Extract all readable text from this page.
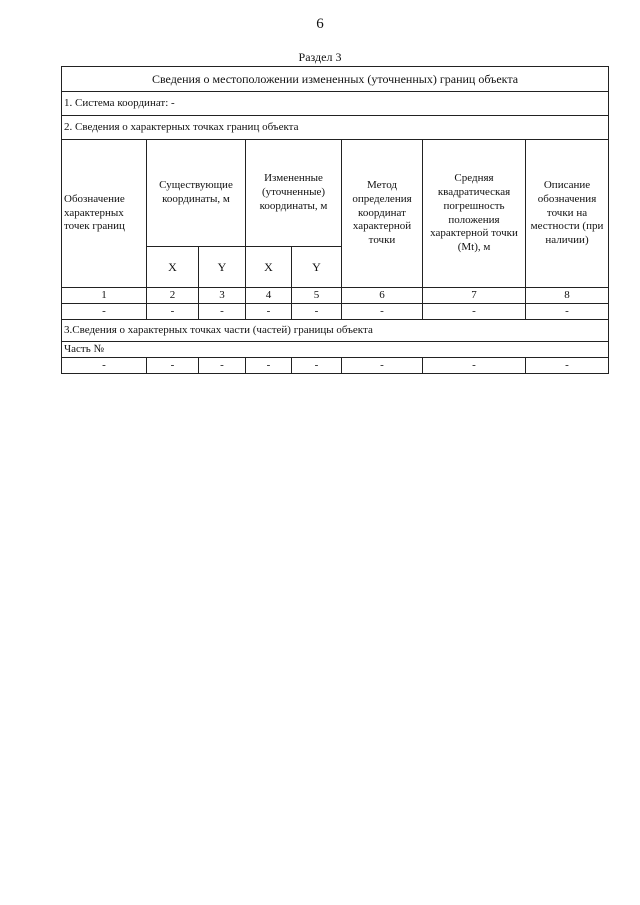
6
Раздел 3
Сведения о местоположении измененных (уточненных) границ объекта							
1. Система координат: -							
2. Сведения о характерных точках границ объекта							
Обозначение характерных точек границ	Существующие координаты, м		Измененные (уточненные) координаты, м		Метод определения координат характерной точки	Средняя квадратическая погрешность положения характерной точки (Mt), м	Описание обозначения точки на местности (при наличии)
	X	Y	X	Y			
1	2	3	4	5	6	7	8
-	-	-	-	-	-	-	-
3.Сведения о характерных точках части (частей) границы объекта							
Часть №							
-	-	-	-	-	-	-	-
